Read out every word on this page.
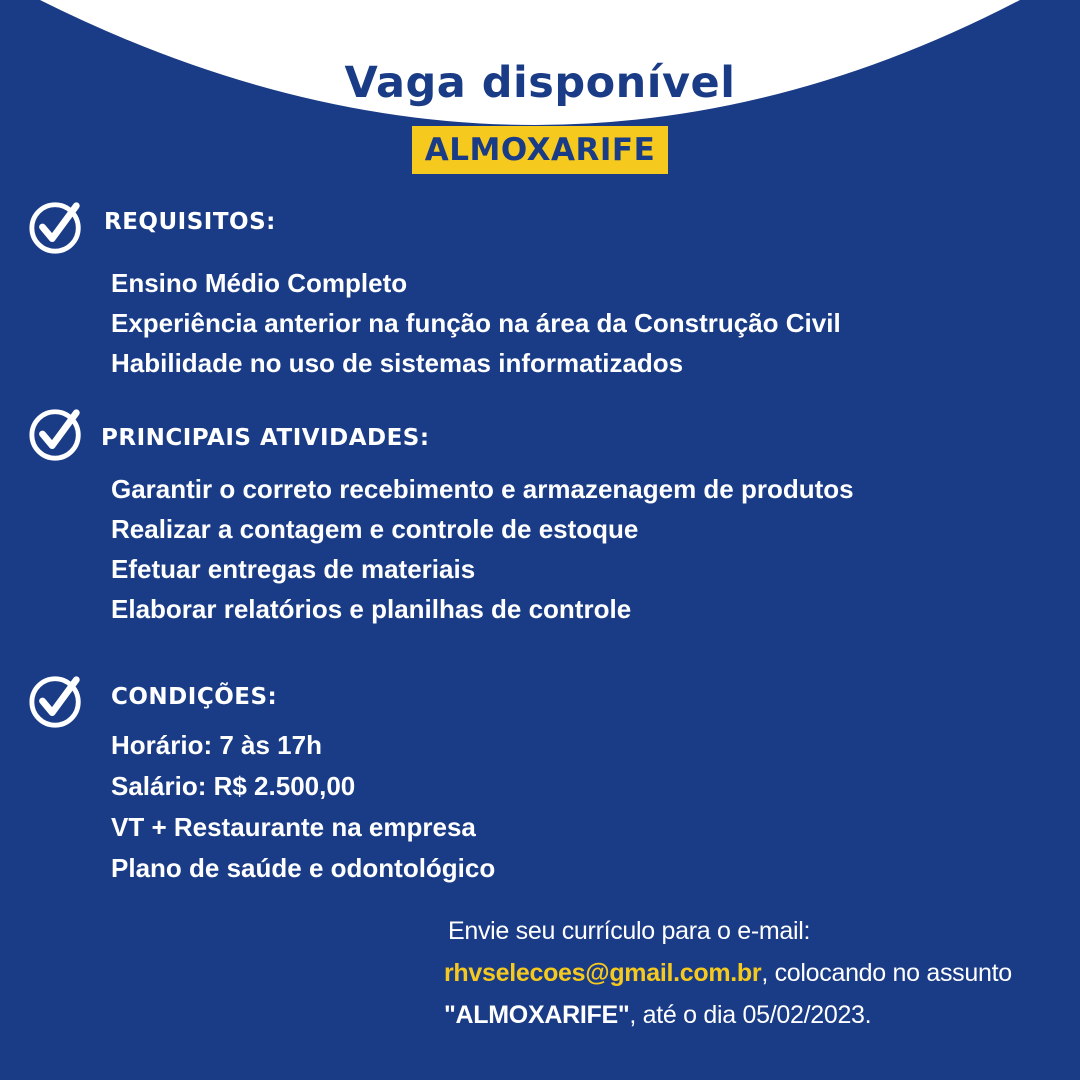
Vaga disponível
ALMOXARIFE
REQUISITOS:
Ensino Médio Completo
Experiência anterior na função na área da Construção Civil
Habilidade no uso de sistemas informatizados
PRINCIPAIS ATIVIDADES:
Garantir o correto recebimento e armazenagem de produtos
Realizar a contagem e controle de estoque
Efetuar entregas de materiais
Elaborar relatórios e planilhas de controle
CONDIÇÕES:
Horário: 7 às 17h
Salário: R$ 2.500,00
VT + Restaurante na empresa
Plano de saúde e odontológico
Envie seu currículo para o e-mail:
rhvselecoes@gmail.com.br, colocando no assunto
"ALMOXARIFE", até o dia 05/02/2023.
